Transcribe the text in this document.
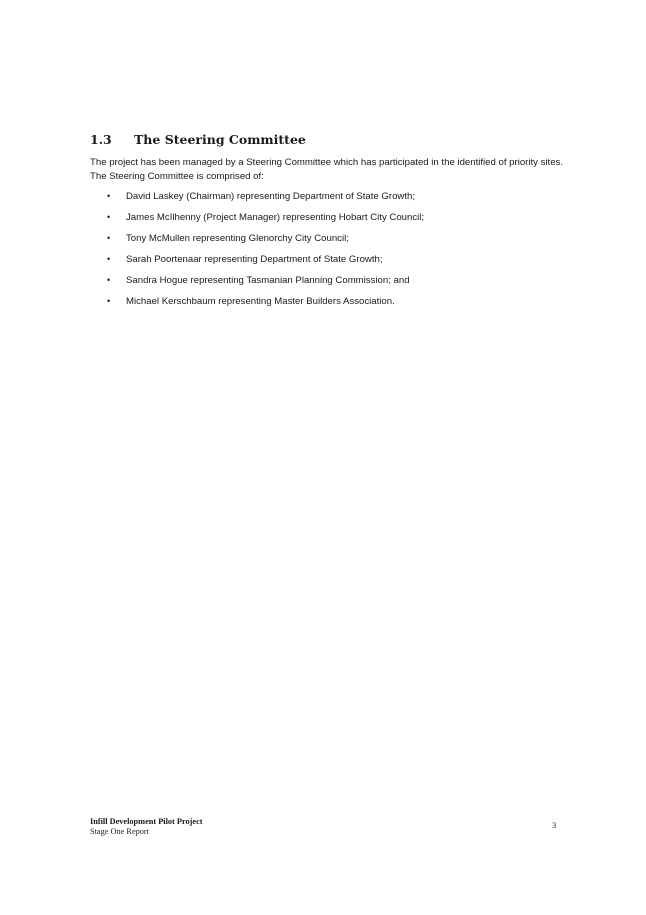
1.3 The Steering Committee

The project has been managed by a Steering Committee which has participated in the identified of priority sites.

The Steering Committee is comprised of:

• David Laskey (Chairman) representing Department of State Growth;
• James McIlhenny (Project Manager) representing Hobart City Council;
• Tony McMullen representing Glenorchy City Council;
• Sarah Poortenaar representing Department of State Growth;
• Sandra Hogue representing Tasmanian Planning Commission; and
• Michael Kerschbaum representing Master Builders Association.
Infill Development Pilot Project
Stage One Report
3
